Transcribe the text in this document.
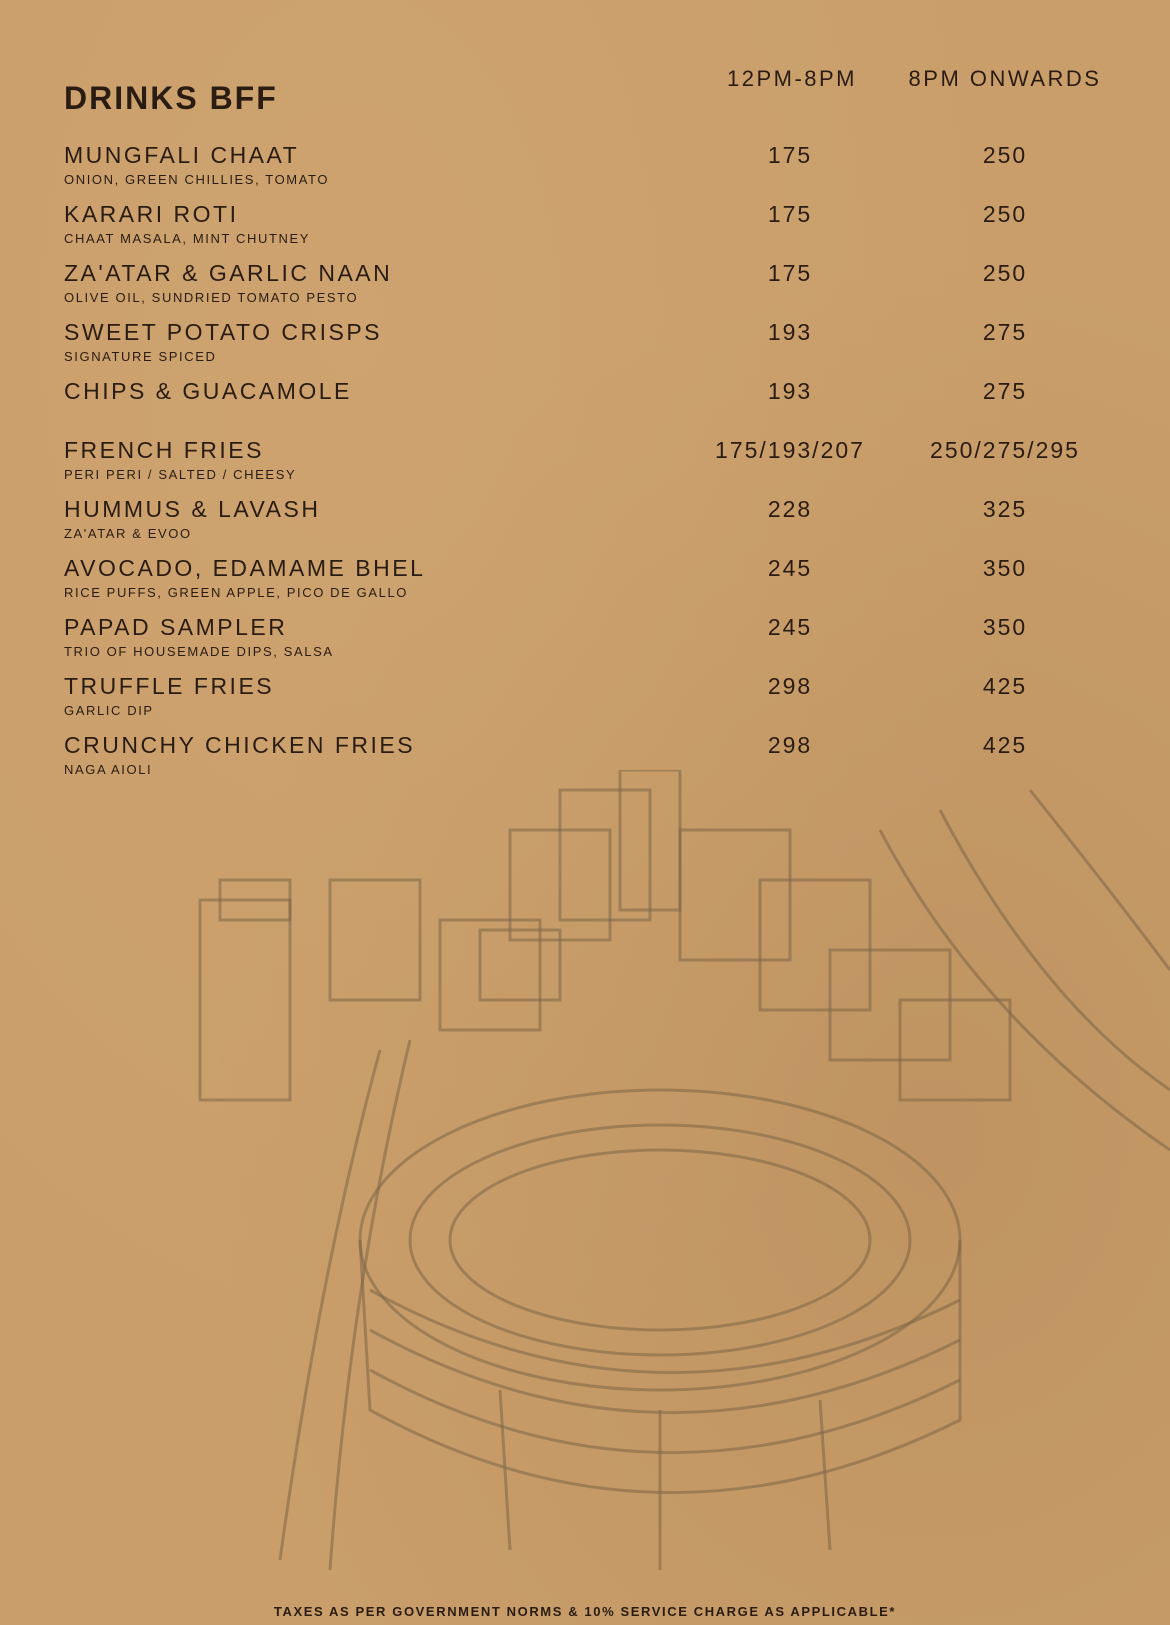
DRINKS BFF
12PM-8PM	8PM ONWARDS
MUNGFALI CHAAT
ONION, GREEN CHILLIES, TOMATO
175	250
KARARI ROTI
CHAAT MASALA, MINT CHUTNEY
175	250
ZA'ATAR & GARLIC NAAN
OLIVE OIL, SUNDRIED TOMATO PESTO
175	250
SWEET POTATO CRISPS
SIGNATURE SPICED
193	275
CHIPS & GUACAMOLE	193	275
FRENCH FRIES
PERI PERI / SALTED / CHEESY
175/193/207	250/275/295
HUMMUS & LAVASH
ZA'ATAR & EVOO
228	325
AVOCADO, EDAMAME BHEL
RICE PUFFS, GREEN APPLE, PICO DE GALLO
245	350
PAPAD SAMPLER
TRIO OF HOUSEMADE DIPS, SALSA
245	350
TRUFFLE FRIES
GARLIC DIP
298	425
CRUNCHY CHICKEN FRIES
NAGA AIOLI
298	425
TAXES AS PER GOVERNMENT NORMS & 10% SERVICE CHARGE AS APPLICABLE*
